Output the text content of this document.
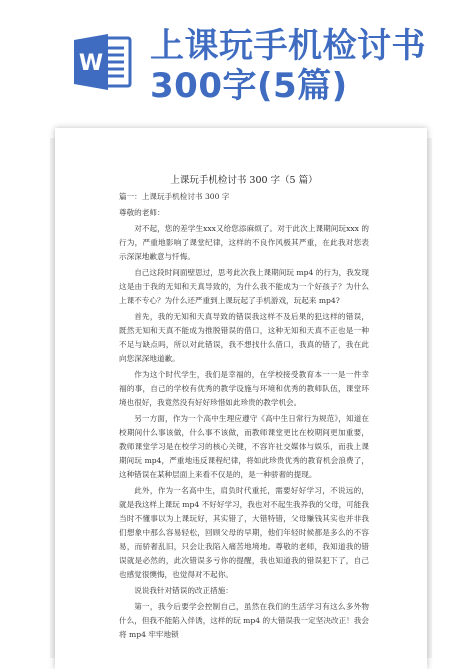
W 上课玩手机检讨书
300字(5篇)
上课玩手机检讨书 300 字（5 篇）

篇一：上课玩手机检讨书 300 字

尊敬的老师：

对不起，您的差学生xxx又给您添麻烦了。对于此次上课期间玩xxx 的行为，严重地影响了课堂纪律，这样的不良作风极其严重，在此我对您表示深深地歉意与忏悔。

自己这段时间面壁思过，思考此次我上课期间玩 mp4 的行为，我发现这是由于我的无知和天真导致的，为什么我不能成为一个好孩子？为什么上课不专心？为什么还严重到上课玩起了手机游戏，玩起来 mp4?

首先，我的无知和天真导致的错误我这样不及后果的犯这样的错误，既然无知和天真不能成为推脱错误的借口，这种无知和天真不正也是一种不足与缺点吗，所以对此错误，我不想找什么借口，我真的错了，我在此向您深深地道歉。

作为这个时代学生，我们是幸福的，在学校接受教育本一一是一件幸福的事，自己的学校有优秀的教学设施与环境和优秀的教师队伍，课堂环境也很好，我竟然没有好好珍惜如此珍贵的教学机会。

另一方面，作为一个高中生理应遵守《高中生日常行为规范》，知道在校期间什么事该做，什么事不该做，而教师课堂更比在校期间更加重要，教师课堂学习是在校学习的核心关键，不容许社交媒体与娱乐，而我上课期间玩 mp4，严重地违反课程纪律，将如此珍贵优秀的教育机会浪费了，这种错误在某种层面上来看不仅是的，是一种骄奢的提现。

此外，作为一名高中生，肩负时代重托，需要好好学习，不说远的，就是我这样上课玩 mp4 不好好学习，我也对不起生我养我的父母，可能我当时不懂事以为上课玩好，其实错了，大错特错，父母赚钱其实也并非我们想象中那么容易轻松，回顾父母的早期，他们年轻时候都是多么的不容易，而骄奢乱旧，只会让我陷入痛苦地境地。尊敬的老师，我知道我的错误就是必然的，此次错误多亏你的提醒，我也知道我的错误犯下了，自己也感觉很懊悔，也觉得对不起你。

说说我针对错误的改正措施：

第一，我今后要学会控制自己，虽然在我们的生活学习有这么多外物什么，但我不能陷入伴诱，这样的玩 mp4 的大错误我一定坚决改正！我会将 mp4 牢牢地锁
